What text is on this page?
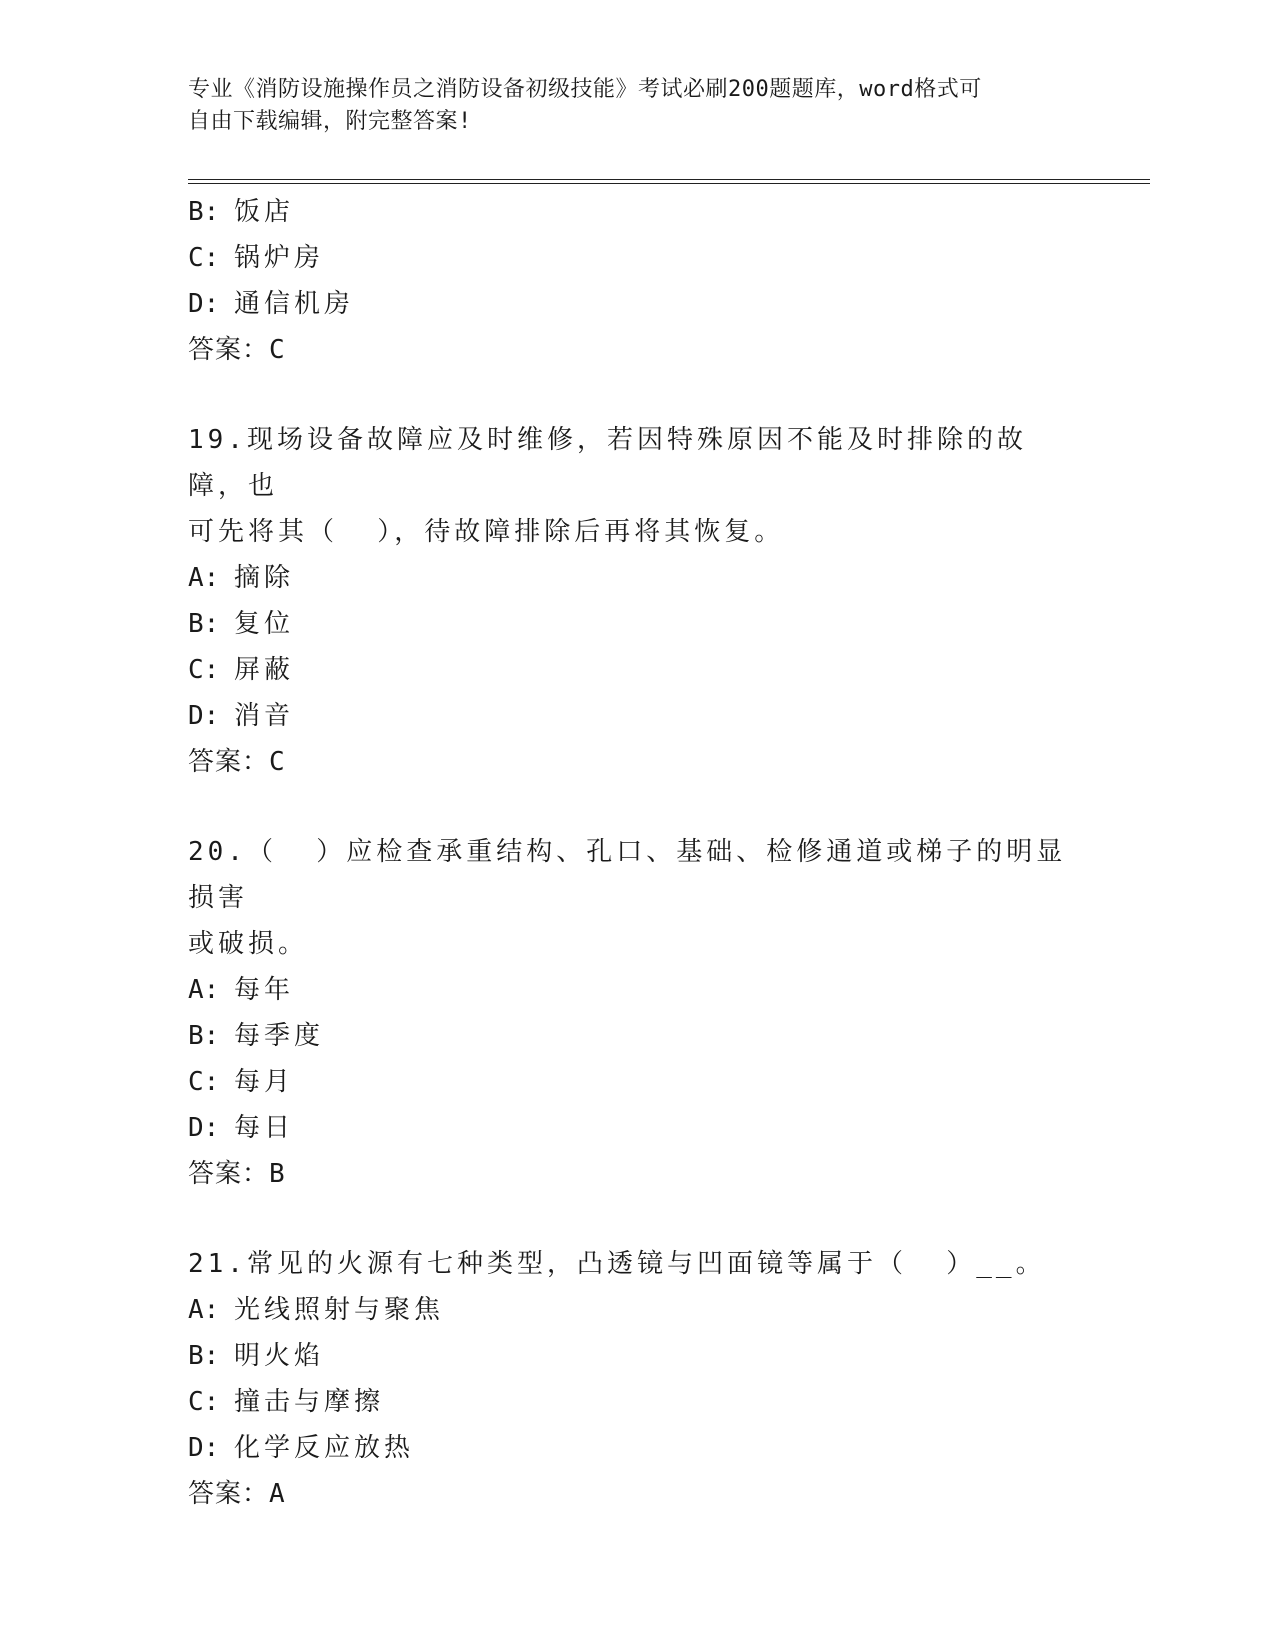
专业《消防设施操作员之消防设备初级技能》考试必刷200题题库，word格式可
自由下载编辑，附完整答案!
B: 饭店
C: 锅炉房
D: 通信机房
答案：C
19.现场设备故障应及时维修，若因特殊原因不能及时排除的故障，也
可先将其（  ），待故障排除后再将其恢复。
A: 摘除
B: 复位
C: 屏蔽
D: 消音
答案：C
20.（  ）应检查承重结构、孔口、基础、检修通道或梯子的明显损害
或破损。
A: 每年
B: 每季度
C: 每月
D: 每日
答案：B
21.常见的火源有七种类型，凸透镜与凹面镜等属于（  ）__。
A: 光线照射与聚焦
B: 明火焰
C: 撞击与摩擦
D: 化学反应放热
答案：A
